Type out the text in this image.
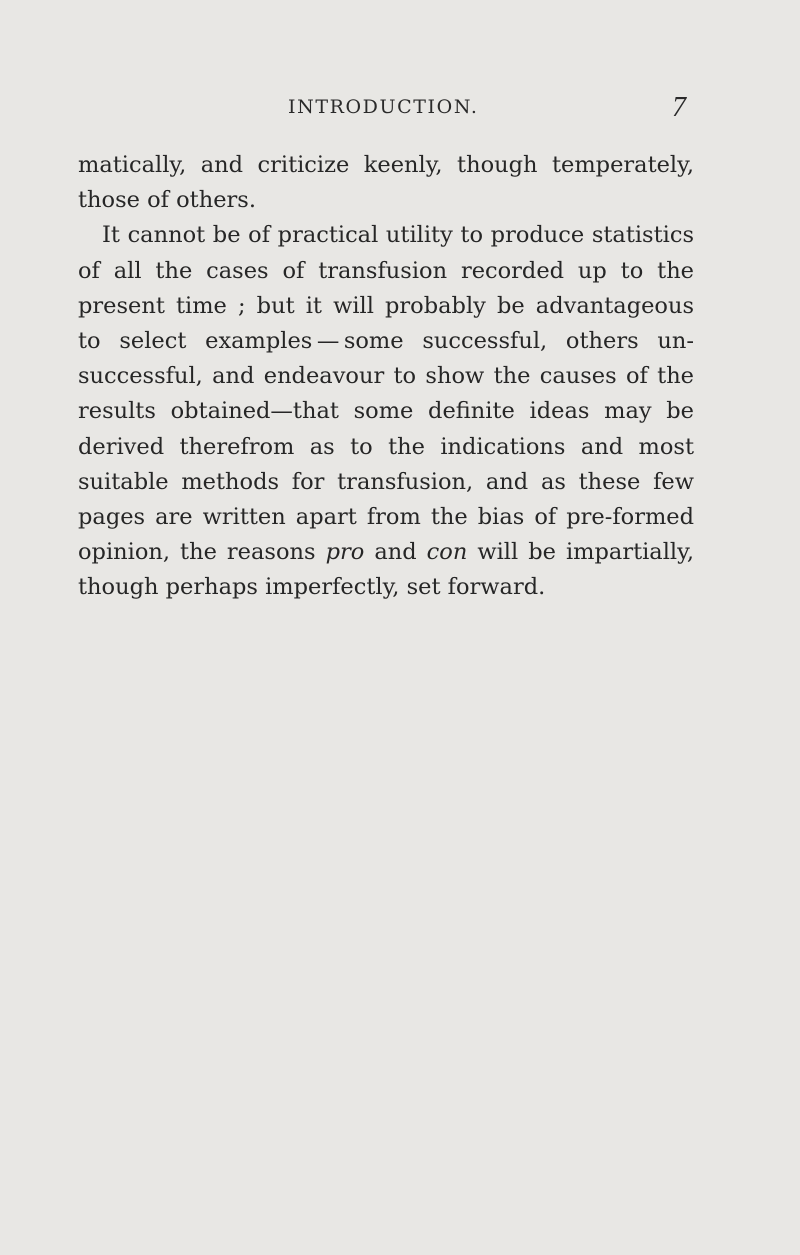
INTRODUCTION.	7
matically, and criticize keenly, though temperately,
those of others.
It cannot be of practical utility to produce statistics
of all the cases of transfusion recorded up to the
present time ; but it will probably be advantageous
to select examples — some successful, others un-
successful, and endeavour to show the causes of the
results obtained—that some definite ideas may be
derived therefrom as to the indications and most
suitable methods for transfusion, and as these few
pages are written apart from the bias of pre-formed
opinion, the reasons pro and con will be impartially,
though perhaps imperfectly, set forward.
